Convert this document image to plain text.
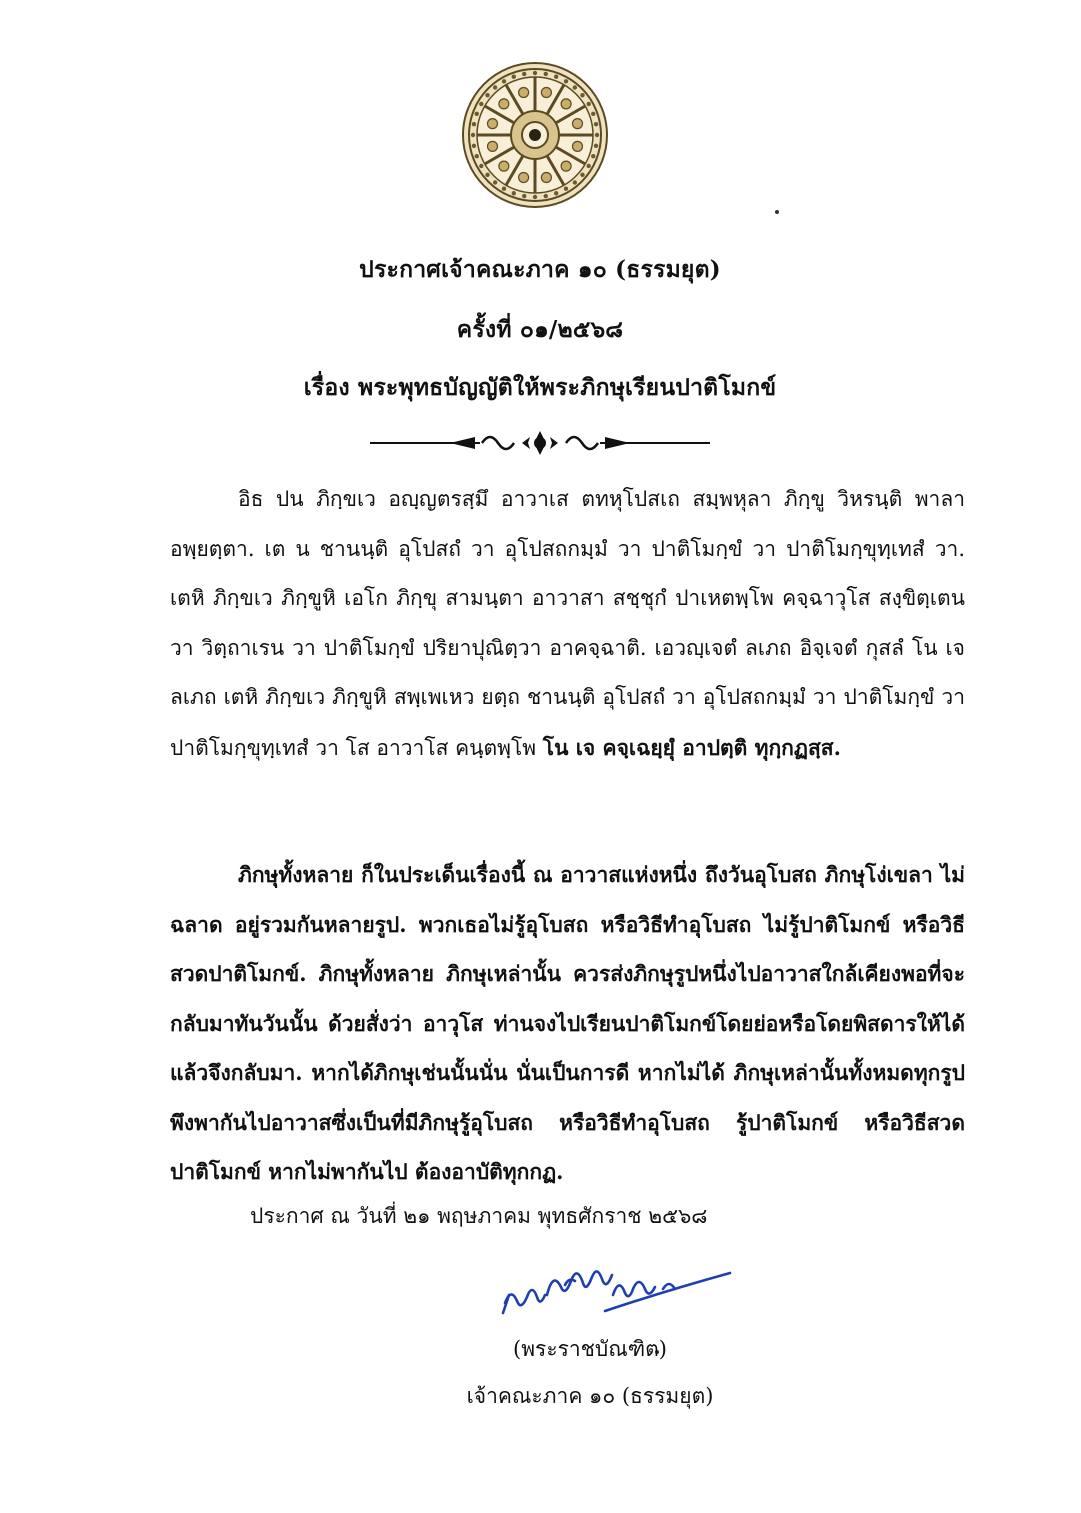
ประกาศเจ้าคณะภาค ๑๐ (ธรรมยุต)
ครั้งที่ ๐๑/๒๕๖๘
เรื่อง พระพุทธบัญญัติให้พระภิกษุเรียนปาติโมกข์
อิธ ปน ภิกฺขเว อญฺญตรสฺมึ อาวาเส ตทหุโปสเถ สมฺพหุลา ภิกฺขู วิหรนฺติ พาลา อพฺยตฺตา. เต น ชานนฺติ อุโปสถํ วา อุโปสถกมฺมํ วา ปาติโมกฺขํ วา ปาติโมกฺขุทฺเทสํ วา. เตหิ ภิกฺขเว ภิกฺขูหิ เอโก ภิกฺขุ สามนฺตา อาวาสา สชฺชุกํ ปาเหตพฺโพ คจฺฉาวุโส สงฺขิตฺเตน วา วิตฺถาเรน วา ปาติโมกฺขํ ปริยาปุณิตฺวา อาคจฺฉาติ. เอวญฺเจตํ ลเภถ อิจฺเจตํ กุสลํ โน เจ ลเภถ เตหิ ภิกฺขเว ภิกฺขูหิ สพฺเพเหว ยตฺถ ชานนฺติ อุโปสถํ วา อุโปสถกมฺมํ วา ปาติโมกฺขํ วา ปาติโมกฺขุทฺเทสํ วา โส อาวาโส คนฺตพฺโพ โน เจ คจฺเฉยฺยุํ อาปตฺติ ทุกฺกฏสฺส.
ภิกษุทั้งหลาย ก็ในประเด็นเรื่องนี้ ณ อาวาสแห่งหนึ่ง ถึงวันอุโบสถ ภิกษุโง่เขลา ไม่ฉลาด อยู่รวมกันหลายรูป. พวกเธอไม่รู้อุโบสถ หรือวิธีทำอุโบสถ ไม่รู้ปาติโมกข์ หรือวิธีสวดปาติโมกข์. ภิกษุทั้งหลาย ภิกษุเหล่านั้น ควรส่งภิกษุรูปหนึ่งไปอาวาสใกล้เคียงพอที่จะกลับมาทันวันนั้น ด้วยสั่งว่า อาวุโส ท่านจงไปเรียนปาติโมกข์โดยย่อหรือโดยพิสดารให้ได้แล้วจึงกลับมา. หากได้ภิกษุเช่นนั้นนั่น นั่นเป็นการดี หากไม่ได้ ภิกษุเหล่านั้นทั้งหมดทุกรูป พึงพากันไปอาวาสซึ่งเป็นที่มีภิกษุรู้อุโบสถ หรือวิธีทำอุโบสถ รู้ปาติโมกข์ หรือวิธีสวดปาติโมกข์ หากไม่พากันไป ต้องอาบัติทุกกฏ.
ประกาศ ณ วันที่ ๒๑ พฤษภาคม พุทธศักราช ๒๕๖๘
(พระราชบัณฑิต)
เจ้าคณะภาค ๑๐ (ธรรมยุต)
